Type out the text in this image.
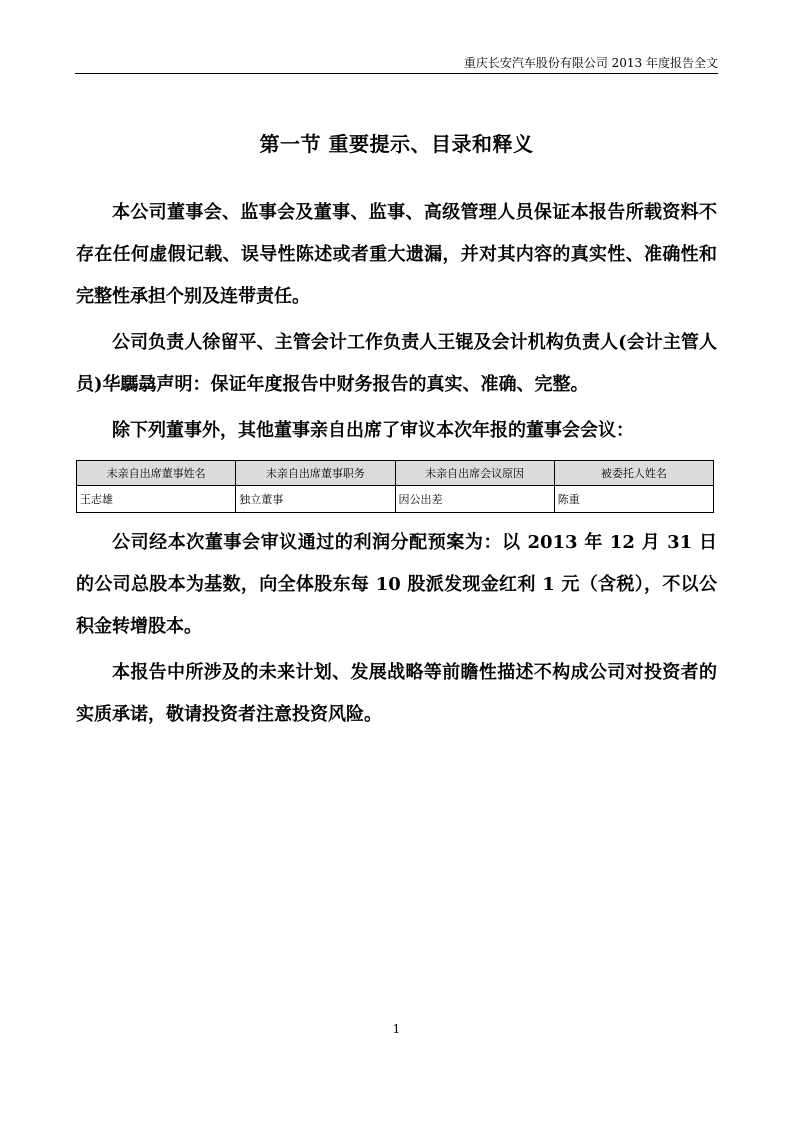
重庆长安汽车股份有限公司 2013 年度报告全文
第一节 重要提示、目录和释义

本公司董事会、监事会及董事、监事、高级管理人员保证本报告所载资料不存在任何虚假记载、误导性陈述或者重大遗漏，并对其内容的真实性、准确性和完整性承担个别及连带责任。

公司负责人徐留平、主管会计工作负责人王锟及会计机构负责人(会计主管人员)华騳骉声明：保证年度报告中财务报告的真实、准确、完整。

除下列董事外，其他董事亲自出席了审议本次年报的董事会会议：

未亲自出席董事姓名	未亲自出席董事职务	未亲自出席会议原因	被委托人姓名
王志雄	独立董事	因公出差	陈重

公司经本次董事会审议通过的利润分配预案为：以 2013 年 12 月 31 日的公司总股本为基数，向全体股东每 10 股派发现金红利 1 元（含税），不以公积金转增股本。

本报告中所涉及的未来计划、发展战略等前瞻性描述不构成公司对投资者的实质承诺，敬请投资者注意投资风险。

1
